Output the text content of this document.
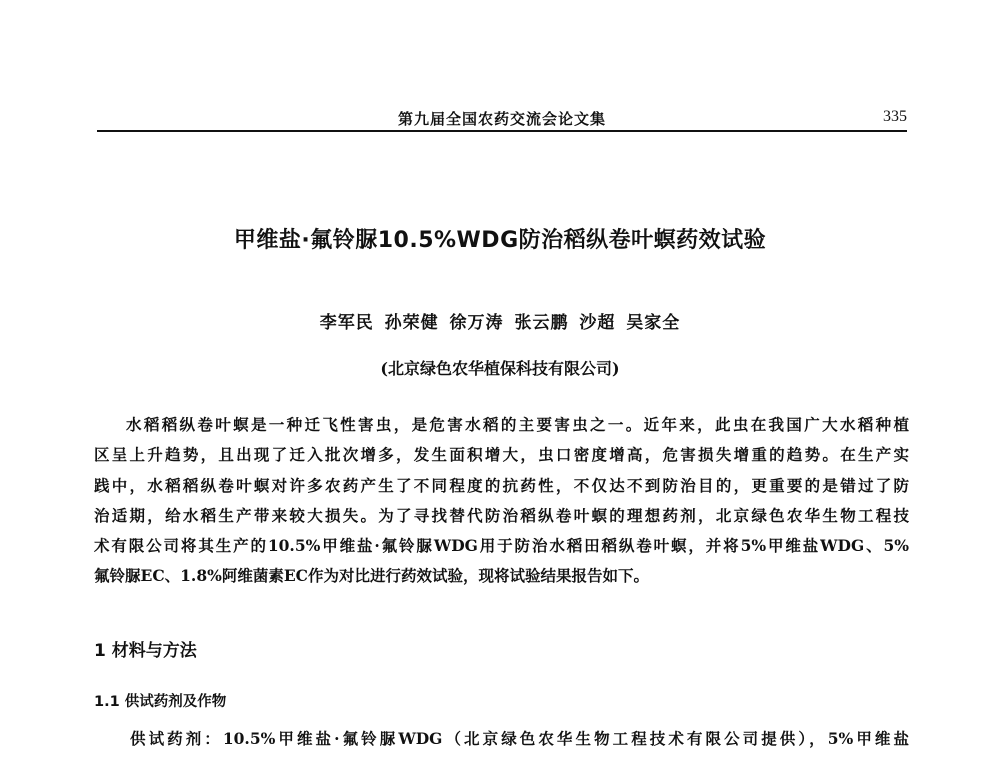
第九届全国农药交流会论文集	335
甲维盐·氟铃脲10.5%WDG防治稻纵卷叶螟药效试验
李军民 孙荣健 徐万涛 张云鹏 沙超 吴家全
(北京绿色农华植保科技有限公司)
水稻稻纵卷叶螟是一种迁飞性害虫，是危害水稻的主要害虫之一。近年来，此虫在我国广大水稻种植
区呈上升趋势，且出现了迁入批次增多，发生面积增大，虫口密度增高，危害损失增重的趋势。在生产实
践中，水稻稻纵卷叶螟对许多农药产生了不同程度的抗药性，不仅达不到防治目的，更重要的是错过了防
治适期，给水稻生产带来较大损失。为了寻找替代防治稻纵卷叶螟的理想药剂，北京绿色农华生物工程技
术有限公司将其生产的10.5%甲维盐·氟铃脲WDG用于防治水稻田稻纵卷叶螟，并将5%甲维盐WDG、5%
氟铃脲EC、1.8%阿维菌素EC作为对比进行药效试验，现将试验结果报告如下。
1 材料与方法
1.1 供试药剂及作物
供试药剂：10.5%甲维盐·氟铃脲WDG（北京绿色农华生物工程技术有限公司提供），5%甲维盐
